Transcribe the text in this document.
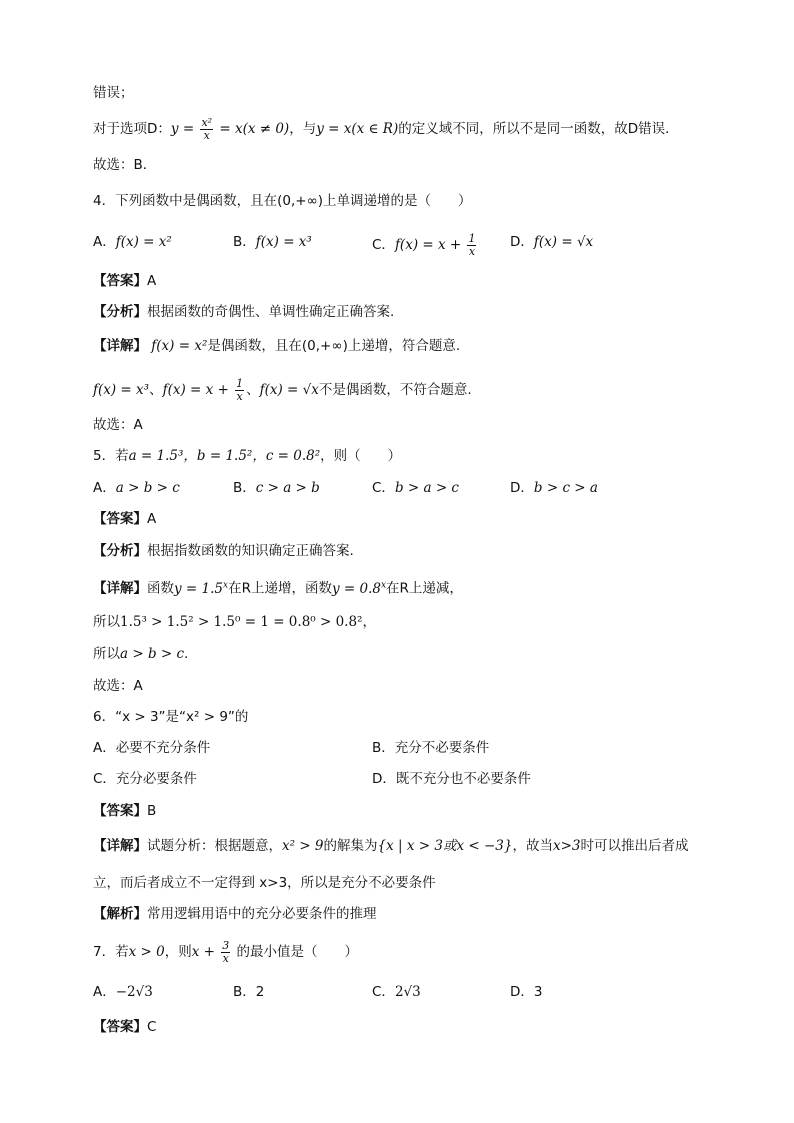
错误；
对于选项D：$y = \frac{\text{x²}}{x} = x(x \ne 0)$，与y = x(x ∈ R)的定义域不同，所以不是同一函数，故D错误．
故选：B．
4．下列函数中是偶函数，且在(0,+∞)上单调递增的是（　　）
A．f(x) = x²	B．f(x) = x³	C．$f(x) = x + \frac{1}{x}$ D．f(x) = √x
【答案】A
【分析】根据函数的奇偶性、单调性确定正确答案.
【详解】 f(x) = x²是偶函数，且在(0,+∞)上递增，符合题意.
f(x) = x³、$f(x) = x + \frac{1}{x}$ 、f(x) = √x不是偶函数，不符合题意.
故选：A
5．若a = 1.5³，b = 1.5²，c = 0.8²，则（　　）
A．a > b > c	B．c > a > b	C．b > a > c	D．b > c > a
【答案】A
【分析】根据指数函数的知识确定正确答案.
【详解】函数$y = 1.5^x$在R上递增，函数$y = 0.8^x$在R上递减，
所以1.5³ > 1.5² > 1.5⁰ = 1 = 0.8⁰ > 0.8²，
所以a > b > c.
故选：A
6．“x > 3”是“x² > 9”的
A．必要不充分条件	B．充分不必要条件
C．充分必要条件	D．既不充分也不必要条件
【答案】B
【详解】试题分析：根据题意，x² > 9的解集为{x | x > 3或x < −3}，故当x>3时可以推出后者成
立，而后者成立不一定得到 x>3，所以是充分不必要条件
【解析】常用逻辑用语中的充分必要条件的推理
7．若x > 0，则$x + \frac{3}{x}$ 的最小值是（　　）
A．−2√3	B．2	C．2√3	D．3
【答案】C
